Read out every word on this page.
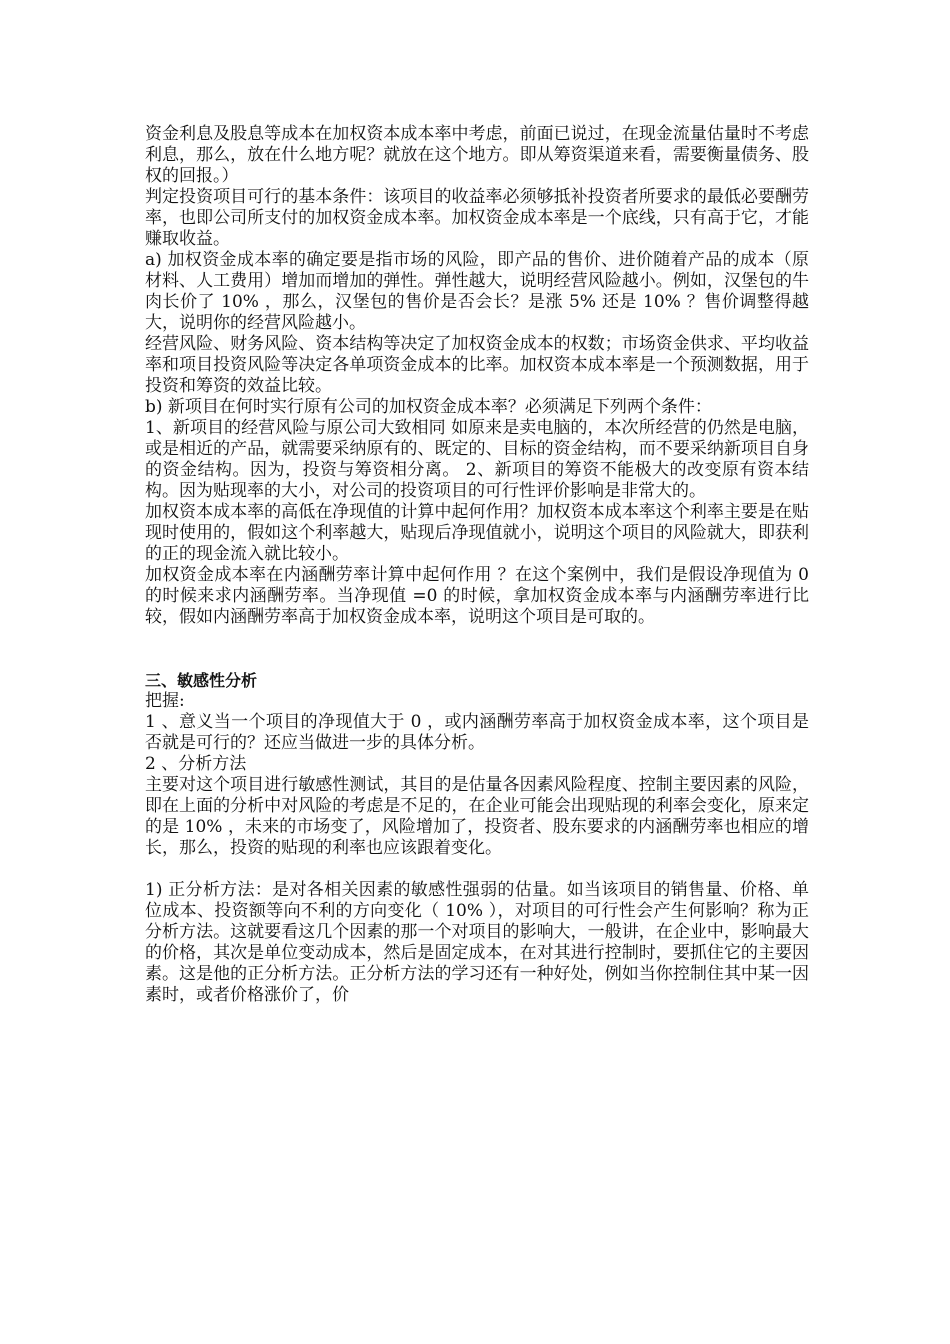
资金利息及股息等成本在加权资本成本率中考虑，前面已说过，在现金流量估量时不考虑利息，那么，放在什么地方呢？就放在这个地方。即从筹资渠道来看，需要衡量债务、股权的回报。）

判定投资项目可行的基本条件：该项目的收益率必须够抵补投资者所要求的最低必要酬劳率，也即公司所支付的加权资金成本率。加权资金成本率是一个底线，只有高于它，才能赚取收益。

a) 加权资金成本率的确定要是指市场的风险，即产品的售价、进价随着产品的成本（原材料、人工费用）增加而增加的弹性。弹性越大，说明经营风险越小。例如，汉堡包的牛肉长价了 10% ，那么，汉堡包的售价是否会长？是涨 5% 还是 10% ？售价调整得越大，说明你的经营风险越小。

经营风险、财务风险、资本结构等决定了加权资金成本的权数；市场资金供求、平均收益率和项目投资风险等决定各单项资金成本的比率。加权资本成本率是一个预测数据，用于投资和筹资的效益比较。

b) 新项目在何时实行原有公司的加权资金成本率？必须满足下列两个条件：

1、新项目的经营风险与原公司大致相同 如原来是卖电脑的，本次所经营的仍然是电脑，或是相近的产品，就需要采纳原有的、既定的、目标的资金结构，而不要采纳新项目自身的资金结构。因为，投资与筹资相分离。 2、新项目的筹资不能极大的改变原有资本结构。因为贴现率的大小，对公司的投资项目的可行性评价影响是非常大的。

加权资本成本率的高低在净现值的计算中起何作用？加权资本成本率这个利率主要是在贴现时使用的，假如这个利率越大，贴现后净现值就小，说明这个项目的风险就大，即获利的正的现金流入就比较小。

加权资金成本率在内涵酬劳率计算中起何作用 ？在这个案例中，我们是假设净现值为 0 的时候来求内涵酬劳率。当净现值 =0 的时候，拿加权资金成本率与内涵酬劳率进行比较，假如内涵酬劳率高于加权资金成本率，说明这个项目是可取的。

三、敏感性分析

把握:

1 、意义当一个项目的净现值大于 0 ，或内涵酬劳率高于加权资金成本率，这个项目是否就是可行的？还应当做进一步的具体分析。

2 、分析方法

主要对这个项目进行敏感性测试，其目的是估量各因素风险程度、控制主要因素的风险，即在上面的分析中对风险的考虑是不足的，在企业可能会出现贴现的利率会变化，原来定的是 10% ，未来的市场变了，风险增加了，投资者、股东要求的内涵酬劳率也相应的增长，那么，投资的贴现的利率也应该跟着变化。

1) 正分析方法：是对各相关因素的敏感性强弱的估量。如当该项目的销售量、价格、单位成本、投资额等向不利的方向变化（ 10% ），对项目的可行性会产生何影响？称为正分析方法。这就要看这几个因素的那一个对项目的影响大，一般讲，在企业中，影响最大的价格，其次是单位变动成本，然后是固定成本，在对其进行控制时，要抓住它的主要因素。这是他的正分析方法。正分析方法的学习还有一种好处，例如当你控制住其中某一因素时，或者价格涨价了，价
